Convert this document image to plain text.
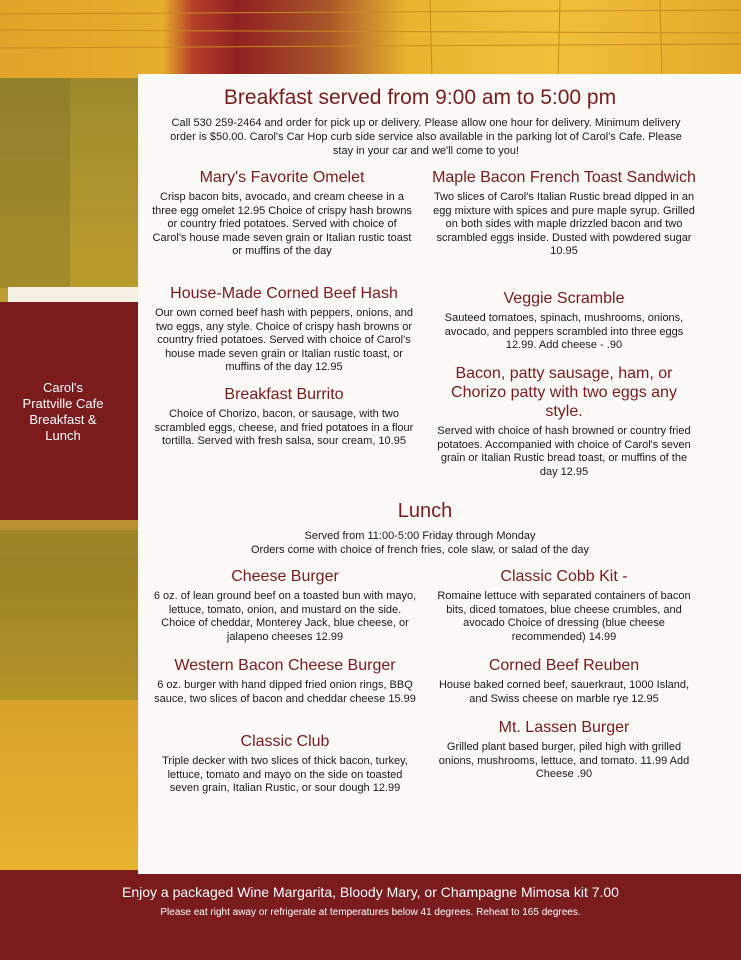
Carol's
Prattville Cafe
Breakfast &
Lunch
Breakfast served from 9:00 am to 5:00 pm
Call 530 259-2464 and order for pick up or delivery. Please allow one hour for delivery. Minimum delivery order is $50.00. Carol's Car Hop curb side service also available in the parking lot of Carol's Cafe. Please stay in your car and we'll come to you!
Mary's Favorite Omelet

Crisp bacon bits, avocado, and cream cheese in a three egg omelet 12.95 Choice of crispy hash browns or country fried potatoes. Served with choice of Carol's house made seven grain or Italian rustic toast or muffins of the day

House-Made Corned Beef Hash

Our own corned beef hash with peppers, onions, and two eggs, any style. Choice of crispy hash browns or country fried potatoes. Served with choice of Carol's house made seven grain or Italian rustic toast, or muffins of the day 12.95

Breakfast Burrito

Choice of Chorizo, bacon, or sausage, with two scrambled eggs, cheese, and fried potatoes in a flour tortilla. Served with fresh salsa, sour cream, 10.95

Maple Bacon French Toast Sandwich

Two slices of Carol's Italian Rustic bread dipped in an egg mixture with spices and pure maple syrup. Grilled on both sides with maple drizzled bacon and two scrambled eggs inside. Dusted with powdered sugar 10.95

Veggie Scramble

Sauteed tomatoes, spinach, mushrooms, onions, avocado, and peppers scrambled into three eggs 12.99. Add cheese - .90

Bacon, patty sausage, ham, or Chorizo patty with two eggs any style.

Served with choice of hash browned or country fried potatoes. Accompanied with choice of Carol's seven grain or Italian Rustic bread toast, or muffins of the day 12.95

Lunch
Served from 11:00-5:00 Friday through Monday
Orders come with choice of french fries, cole slaw, or salad of the day
Cheese Burger

6 oz. of lean ground beef on a toasted bun with mayo, lettuce, tomato, onion, and mustard on the side. Choice of cheddar, Monterey Jack, blue cheese, or jalapeno cheeses 12.99

Western Bacon Cheese Burger

6 oz. burger with hand dipped fried onion rings, BBQ sauce, two slices of bacon and cheddar cheese 15.99

Classic Club

Triple decker with two slices of thick bacon, turkey, lettuce, tomato and mayo on the side on toasted seven grain, Italian Rustic, or sour dough 12.99

Classic Cobb Kit -

Romaine lettuce with separated containers of bacon bits, diced tomatoes, blue cheese crumbles, and avocado Choice of dressing (blue cheese recommended) 14.99

Corned Beef Reuben

House baked corned beef, sauerkraut, 1000 Island, and Swiss cheese on marble rye 12.95

Mt. Lassen Burger

Grilled plant based burger, piled high with grilled onions, mushrooms, lettuce, and tomato. 11.99 Add Cheese .90

Enjoy a packaged Wine Margarita, Bloody Mary, or Champagne Mimosa kit 7.00
Please eat right away or refrigerate at temperatures below 41 degrees. Reheat to 165 degrees.
